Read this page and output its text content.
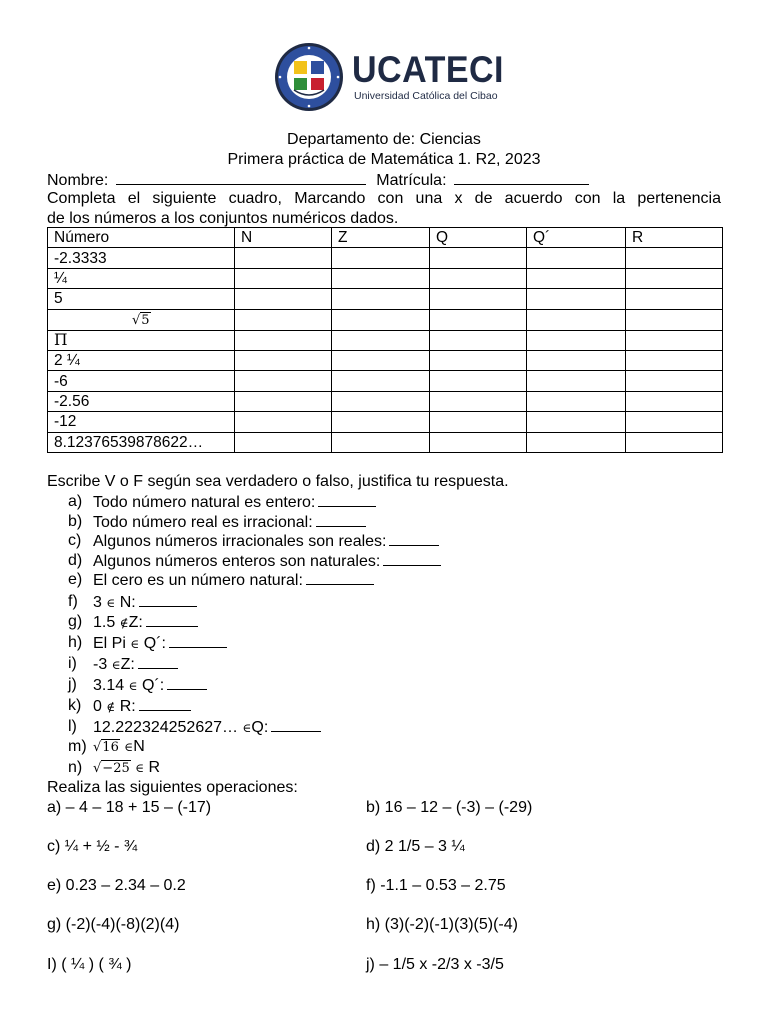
UCATECI
Universidad Católica del Cibao
Departamento de: Ciencias
Primera práctica de Matemática 1. R2, 2023
Nombre:	Matrícula:
Completa el siguiente cuadro, Marcando con una x de acuerdo con la pertenencia
de los números a los conjuntos numéricos dados.
Número	N	Z	Q	Q´	R
-2.3333					
¼					
5					
√5					
Π					
2 ¼					
-6					
-2.56					
-12					
8.12376539878622…					
Escribe V o F según sea verdadero o falso, justifica tu respuesta.
a) Todo número natural es entero:
b) Todo número real es irracional:
c) Algunos números irracionales son reales:
d) Algunos números enteros son naturales:
e) El cero es un número natural:
f) 3 ∈ N:
g) 1.5 ∉Z:
h) El Pi ∈ Q´:
i)	-3 ∈Z:
j)	3.14 ∈ Q´:
k) 0 ∉ R:
l)	12.222324252627… ∈Q:
m) √16 ∈N
n) √−25 ∈ R
Realiza las siguientes operaciones:
a) – 4 – 18 + 15 – (-17)	b) 16 – 12 – (-3) – (-29)
c) ¼ + ½ - ¾	d) 2 1/5 – 3 ¼
e) 0.23 – 2.34 – 0.2	f) -1.1 – 0.53 – 2.75
g) (-2)(-4)(-8)(2)(4)	h) (3)(-2)(-1)(3)(5)(-4)
I) ( ¼ ) ( ¾ )	j) – 1/5 x -2/3 x -3/5
